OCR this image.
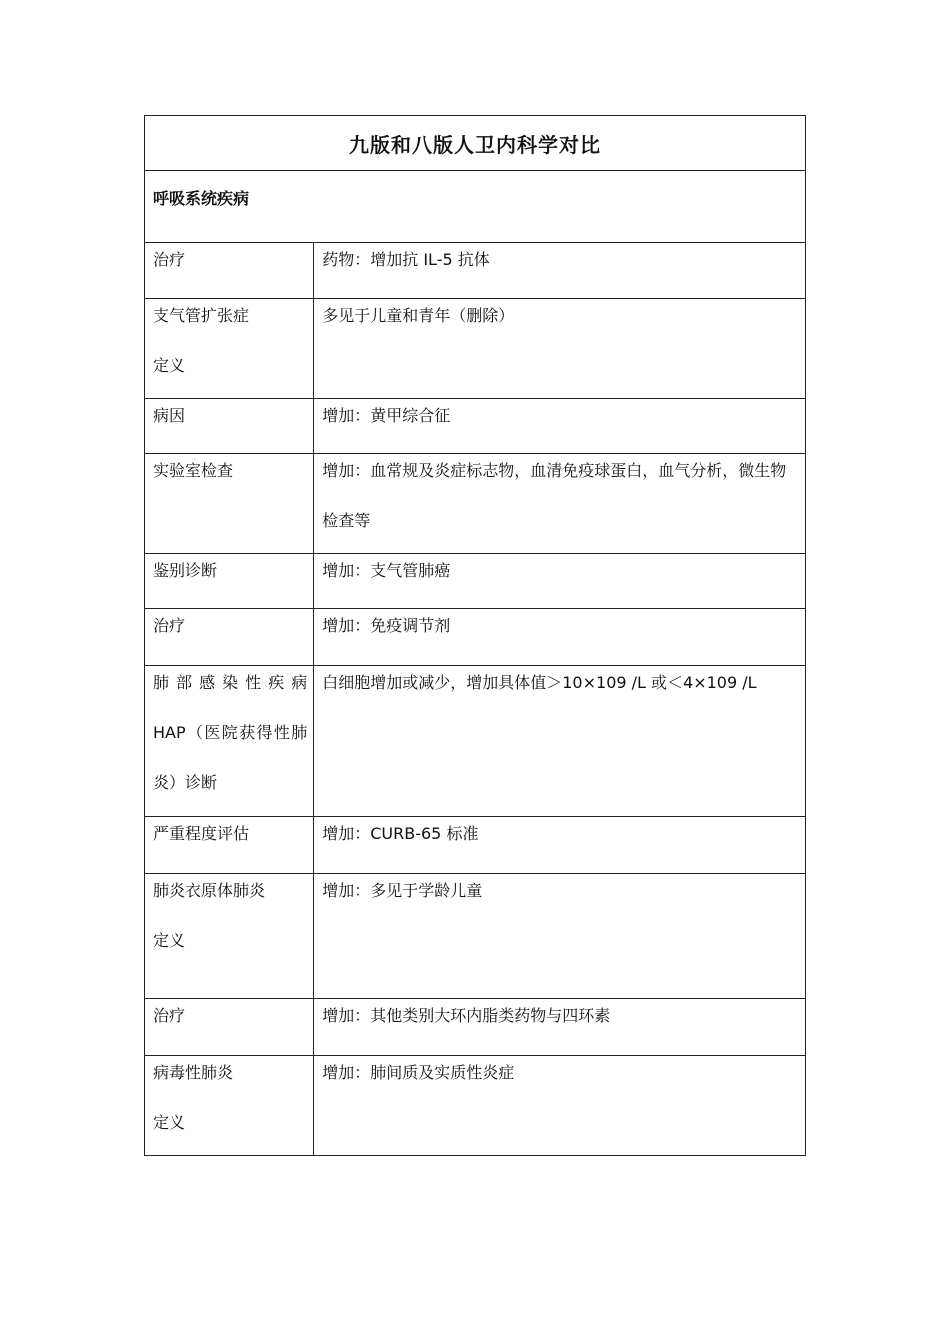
九版和八版人卫内科学对比	
呼吸系统疾病	

治疗	药物：增加抗 IL-5 抗体

支气管扩张症
定义	多见于儿童和青年（删除）

病因	增加：黄甲综合征

实验室检查	增加：血常规及炎症标志物，血清免疫球蛋白，血气分析，微生物
检查等

鉴别诊断	增加：支气管肺癌

治疗	增加：免疫调节剂

肺部感染性疾病
HAP（医院获得性肺
炎）诊断	白细胞增加或减少，增加具体值＞10×109 /L 或＜4×109 /L

严重程度评估	增加：CURB-65 标准

肺炎衣原体肺炎
定义	增加：多见于学龄儿童

治疗	增加：其他类别大环内脂类药物与四环素

病毒性肺炎
定义	增加：肺间质及实质性炎症
